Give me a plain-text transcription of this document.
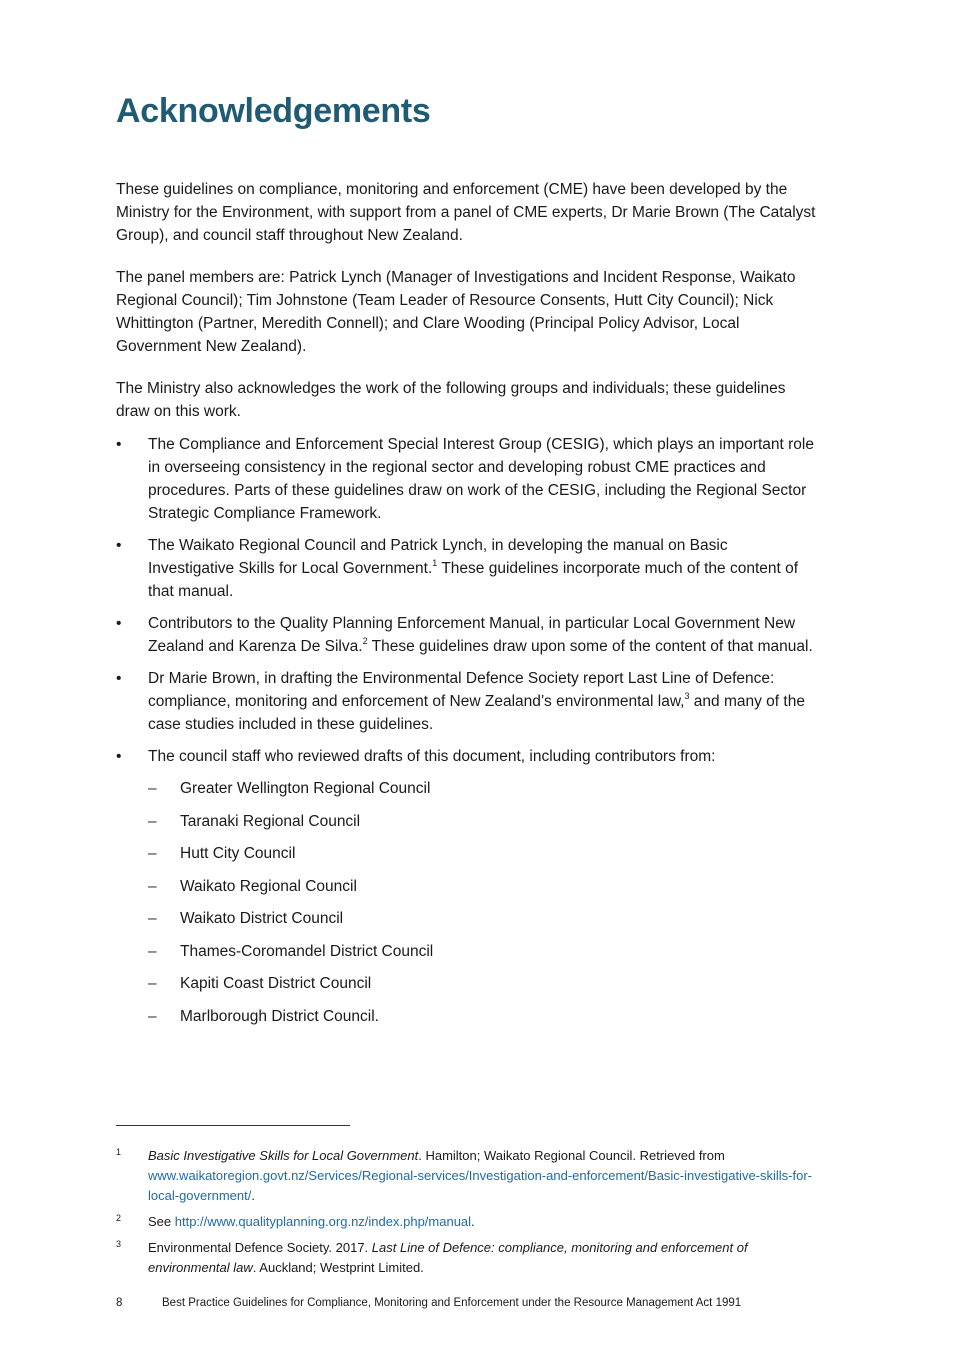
Acknowledgements

These guidelines on compliance, monitoring and enforcement (CME) have been developed by the Ministry for the Environment, with support from a panel of CME experts, Dr Marie Brown (The Catalyst Group), and council staff throughout New Zealand.

The panel members are: Patrick Lynch (Manager of Investigations and Incident Response, Waikato Regional Council); Tim Johnstone (Team Leader of Resource Consents, Hutt City Council); Nick Whittington (Partner, Meredith Connell); and Clare Wooding (Principal Policy Advisor, Local Government New Zealand).

The Ministry also acknowledges the work of the following groups and individuals; these guidelines draw on this work.

• The Compliance and Enforcement Special Interest Group (CESIG), which plays an important role in overseeing consistency in the regional sector and developing robust CME practices and procedures. Parts of these guidelines draw on work of the CESIG, including the Regional Sector Strategic Compliance Framework.
• The Waikato Regional Council and Patrick Lynch, in developing the manual on Basic Investigative Skills for Local Government.$^1$ These guidelines incorporate much of the content of that manual.
• Contributors to the Quality Planning Enforcement Manual, in particular Local Government New Zealand and Karenza De Silva.$^2$ These guidelines draw upon some of the content of that manual.
• Dr Marie Brown, in drafting the Environmental Defence Society report Last Line of Defence: compliance, monitoring and enforcement of New Zealand’s environmental law,$^3$ and many of the case studies included in these guidelines.
• The council staff who reviewed drafts of this document, including contributors from:
– Greater Wellington Regional Council
– Taranaki Regional Council
– Hutt City Council
– Waikato Regional Council
– Waikato District Council
– Thames-Coromandel District Council
– Kapiti Coast District Council
– Marlborough District Council.
1 Basic Investigative Skills for Local Government. Hamilton; Waikato Regional Council. Retrieved from www.waikatoregion.govt.nz/Services/Regional-services/Investigation-and-enforcement/Basic-investigative-skills-for-local-government/.
2 See http://www.qualityplanning.org.nz/index.php/manual.
3 Environmental Defence Society. 2017. Last Line of Defence: compliance, monitoring and enforcement of environmental law. Auckland; Westprint Limited.
8	Best Practice Guidelines for Compliance, Monitoring and Enforcement under the Resource Management Act 1991
